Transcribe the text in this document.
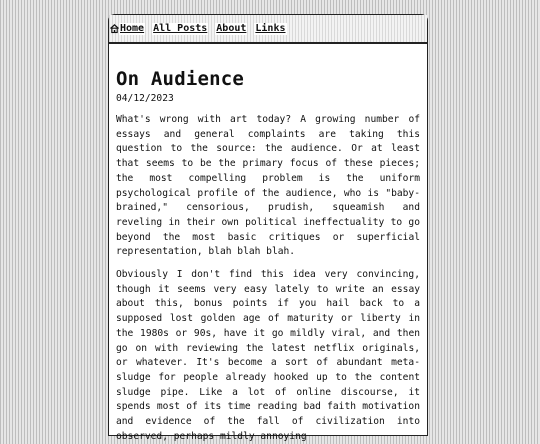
Home All Posts About Links
On Audience
04/12/2023

What's wrong with art today? A growing number of essays and general complaints are taking this question to the source: the audience. Or at least that seems to be the primary focus of these pieces; the most compelling problem is the uniform psychological profile of the audience, who is "baby-brained," censorious, prudish, squeamish and reveling in their own political ineffectuality to go beyond the most basic critiques or superficial representation, blah blah blah.

Obviously I don't find this idea very convincing, though it seems very easy lately to write an essay about this, bonus points if you hail back to a supposed lost golden age of maturity or liberty in the 1980s or 90s, have it go mildly viral, and then go on with reviewing the latest netflix originals, or whatever. It's become a sort of abundant meta-sludge for people already hooked up to the content sludge pipe. Like a lot of online discourse, it spends most of its time reading bad faith motivation and evidence of the fall of civilization into observed, perhaps mildly annoying
